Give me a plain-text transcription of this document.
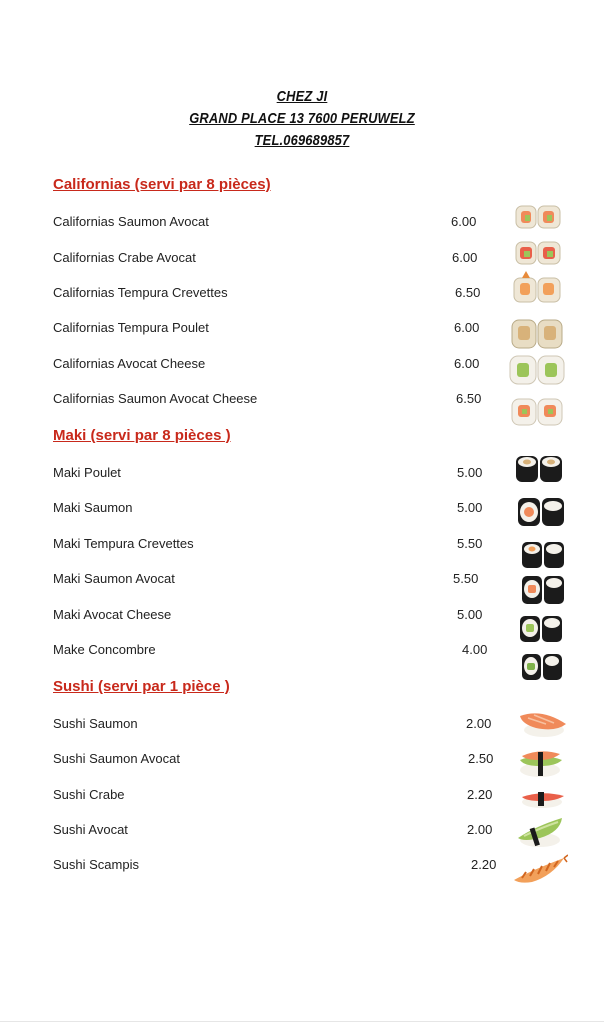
CHEZ JI
GRAND PLACE 13 7600 PERUWELZ
TEL.069689857
Californias (servi par 8 pièces)
Californias Saumon Avocat	6.00
Californias Crabe Avocat	6.00
Californias Tempura Crevettes	6.50
Californias Tempura Poulet	6.00
Californias Avocat Cheese	6.00
Californias Saumon Avocat Cheese	6.50
Maki (servi par 8 pièces )
Maki Poulet	5.00
Maki Saumon	5.00
Maki Tempura Crevettes	5.50
Maki Saumon Avocat	5.50
Maki Avocat Cheese	5.00
Make Concombre	4.00
Sushi (servi par 1 pièce )
Sushi Saumon	2.00
Sushi Saumon Avocat	2.50
Sushi Crabe	2.20
Sushi Avocat	2.00
Sushi Scampis	2.20
